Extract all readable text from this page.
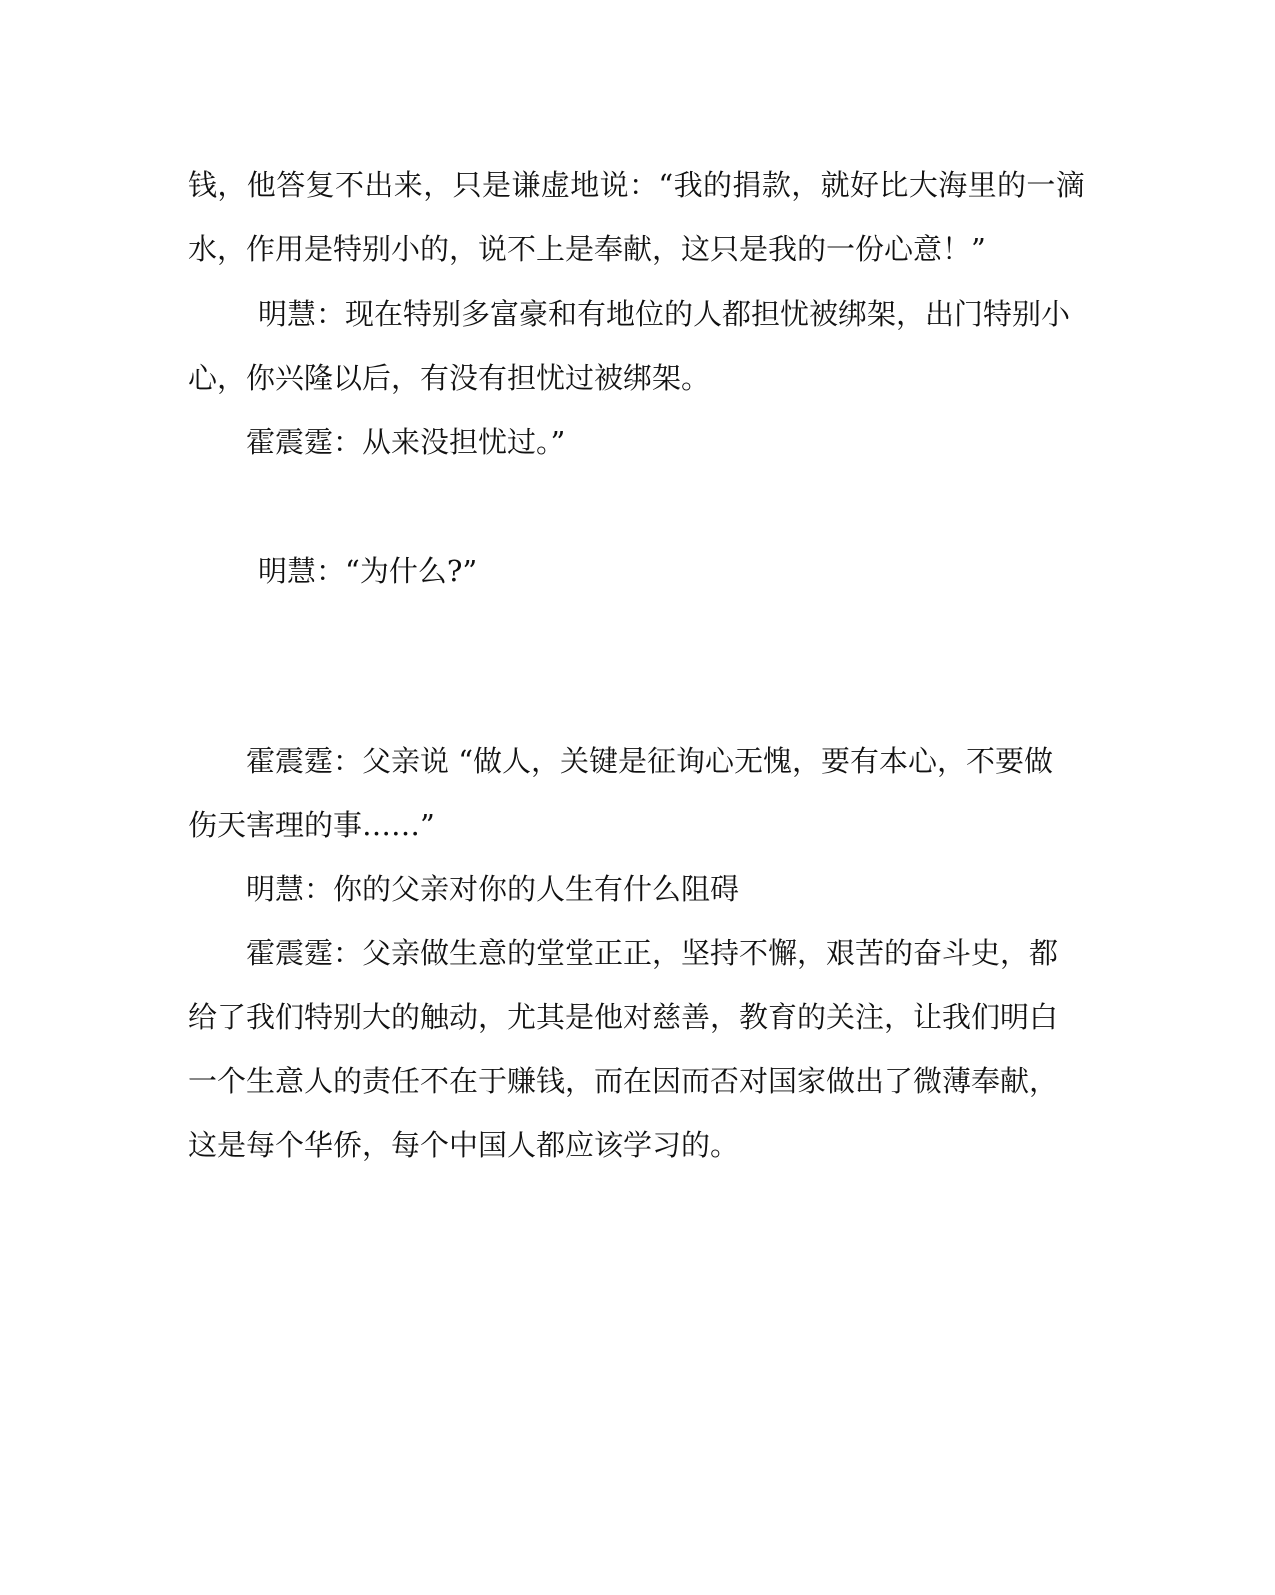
钱，他答复不出来，只是谦虚地说：“我的捐款，就好比大海里的一滴

水，作用是特别小的，说不上是奉献，这只是我的一份心意！”

明慧：现在特别多富豪和有地位的人都担忧被绑架，出门特别小

心，你兴隆以后，有没有担忧过被绑架。

霍震霆：从来没担忧过。”

明慧：“为什么?”

霍震霆：父亲说 “做人，关键是征询心无愧，要有本心，不要做

伤天害理的事……”

明慧：你的父亲对你的人生有什么阻碍

霍震霆：父亲做生意的堂堂正正，坚持不懈，艰苦的奋斗史，都

给了我们特别大的触动，尤其是他对慈善，教育的关注，让我们明白

一个生意人的责任不在于赚钱，而在因而否对国家做出了微薄奉献，

这是每个华侨，每个中国人都应该学习的。
